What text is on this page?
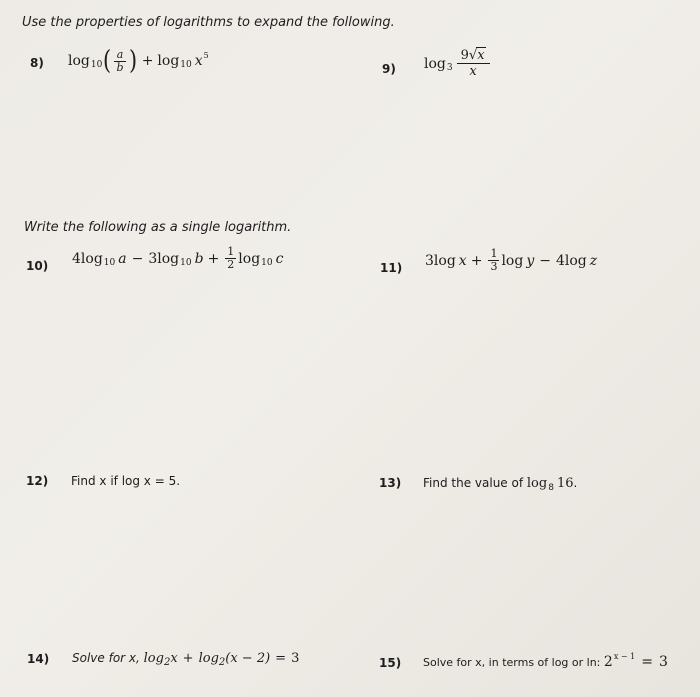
Use the properties of logarithms to expand the following.
8) log 10 ( $\frac{a}{b}$ ) + log 10 x 5
9) $\log 3 \frac{9√x}{x}$
Write the following as a single logarithm.
10) 4 log 10 a − 3 log 10 $b + \frac{1}{2}$ log 10 c
11) 3 $\log x + \frac{1}{3}$ log y − 4 log z
12) Find x if log x = 5.	13) Find the value of log 8 16 .
14) Solve for x, log 2 x + log 2 (x − 2) = 3	15) Solve for x, in terms of log or ln: 2 x − 1 = 3
